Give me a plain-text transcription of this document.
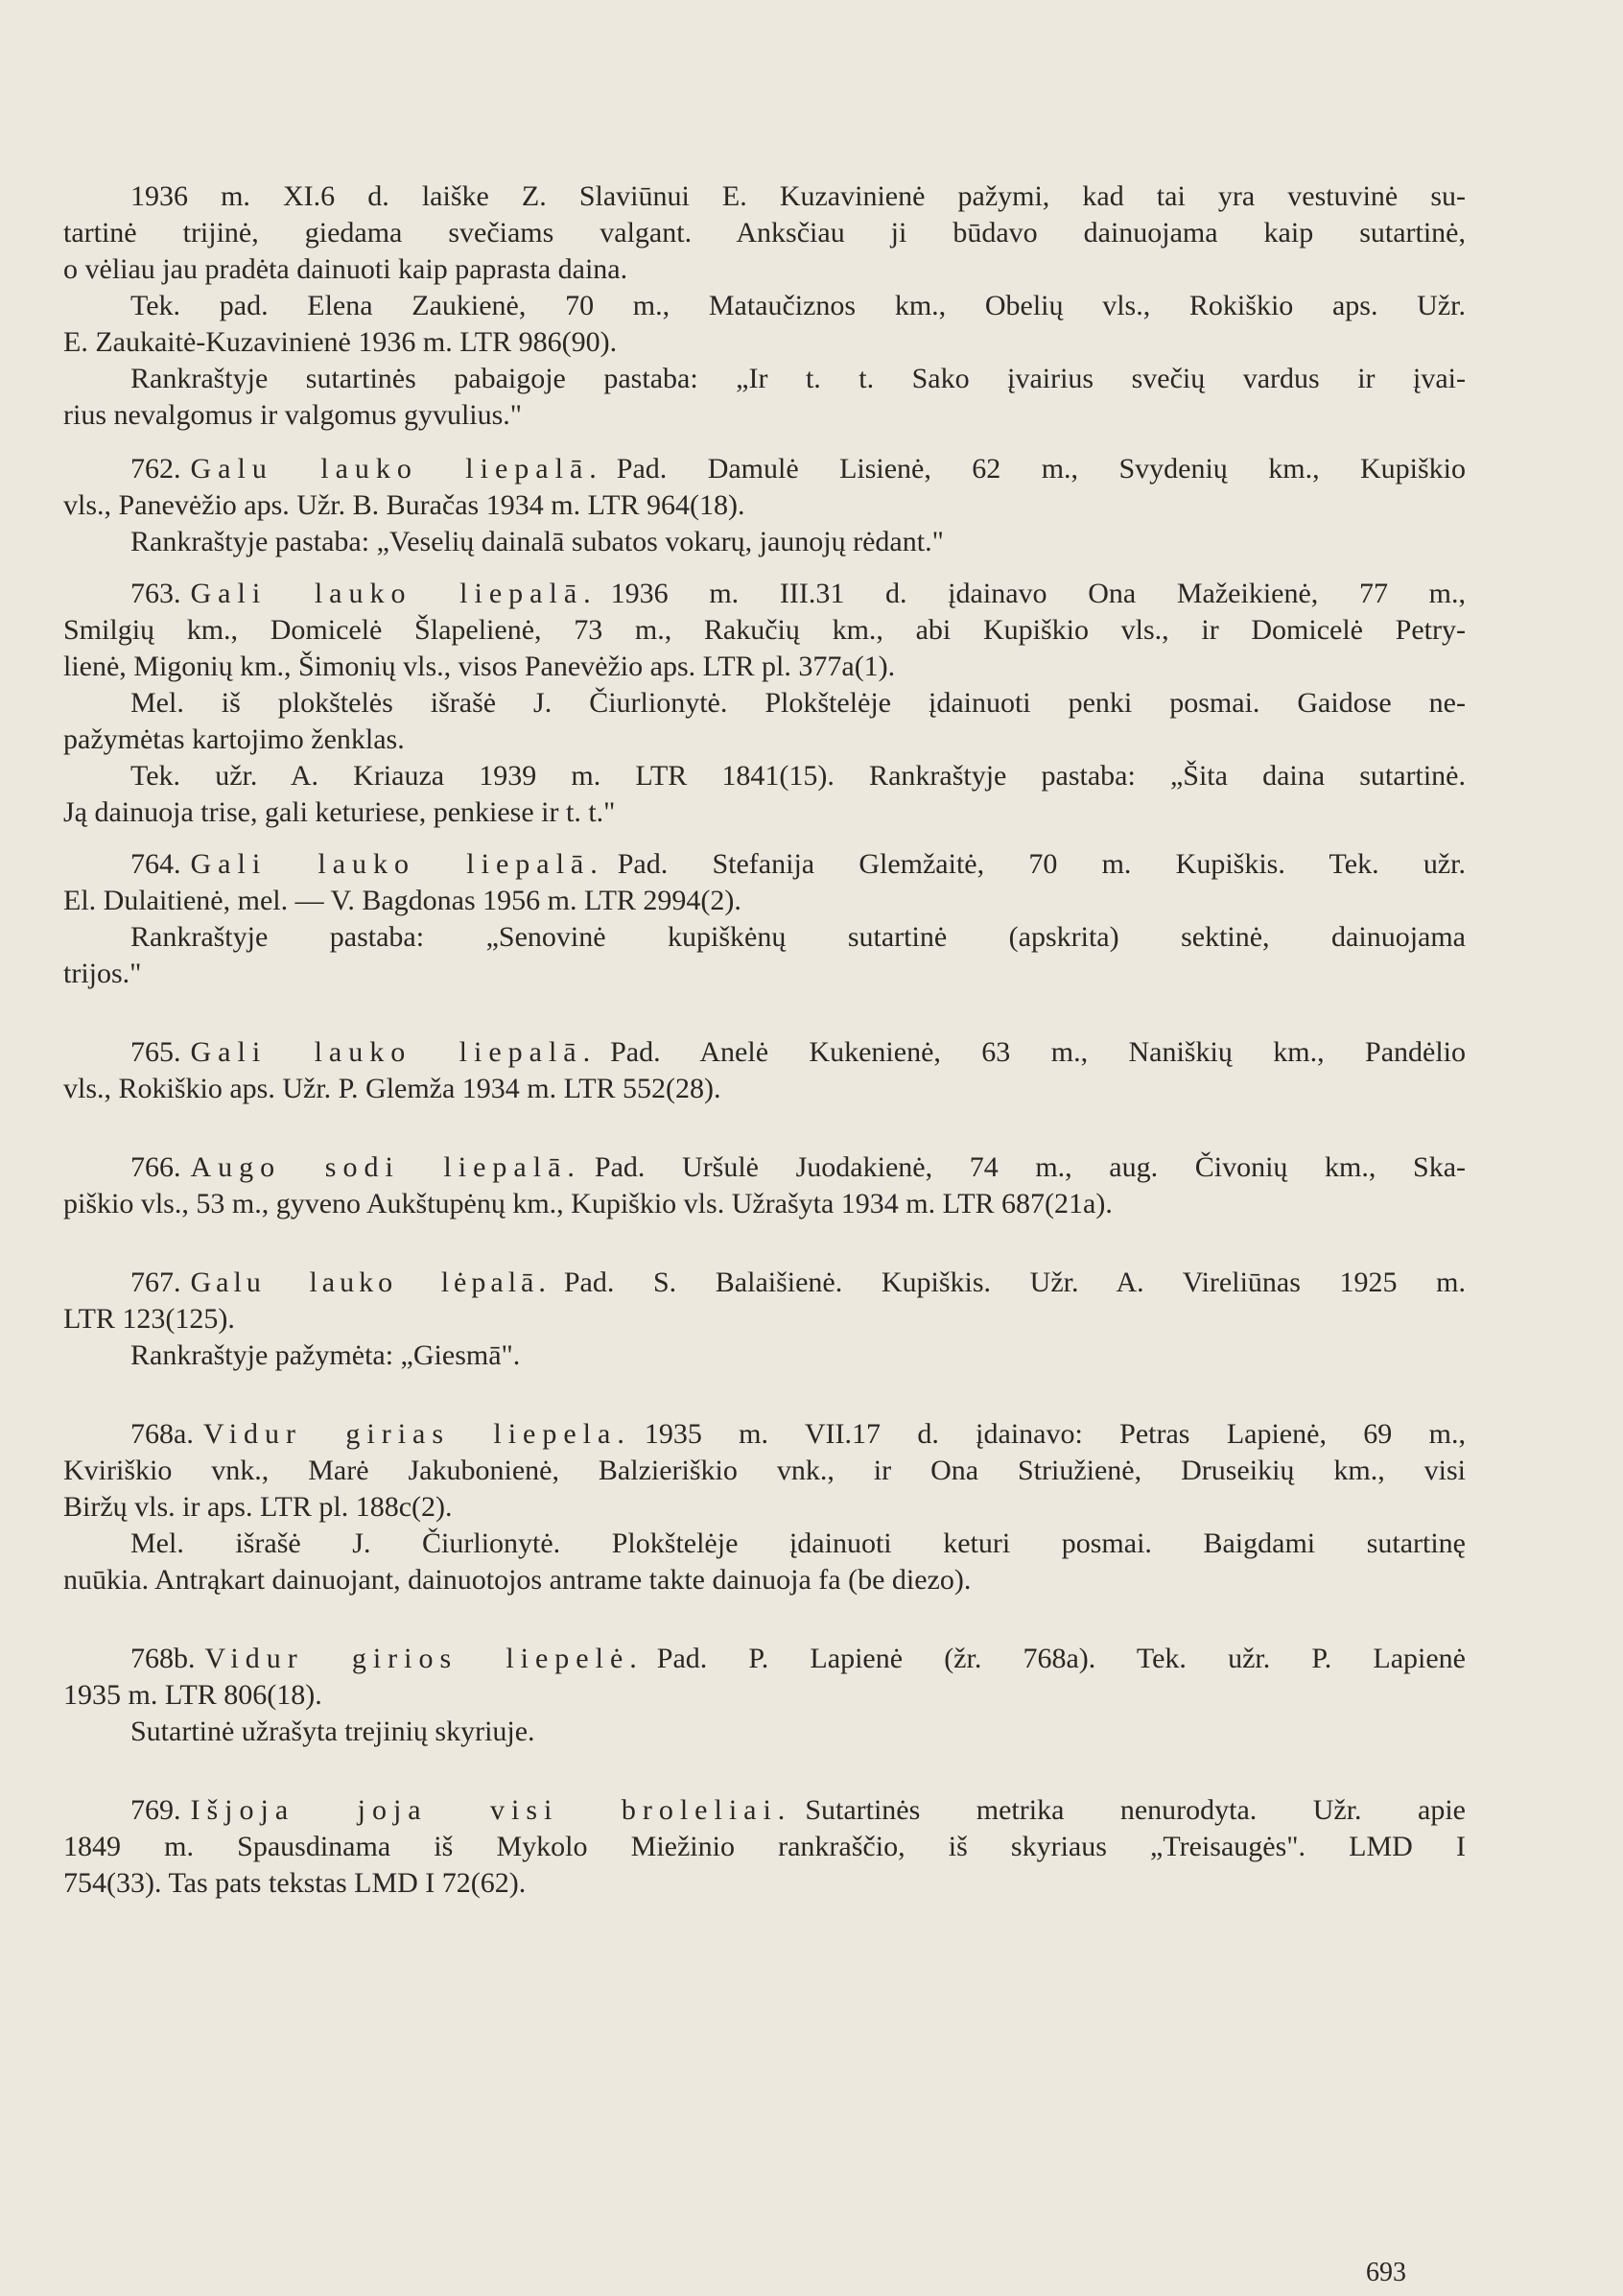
1936 m. XI.6 d. laiške Z. Slaviūnui E. Kuzavinienė pažymi, kad tai yra vestuvinė su-

tartinė trijinė, giedama svečiams valgant. Anksčiau ji būdavo dainuojama kaip sutartinė,

o vėliau jau pradėta dainuoti kaip paprasta daina.

Tek. pad. Elena Zaukienė, 70 m., Mataučiznos km., Obelių vls., Rokiškio aps. Užr.

E. Zaukaitė-Kuzavinienė 1936 m. LTR 986(90).

Rankraštyje sutartinės pabaigoje pastaba: „Ir t. t. Sako įvairius svečių vardus ir įvai-

rius nevalgomus ir valgomus gyvulius."

762. Galu lauko liepalā. Pad. Damulė Lisienė, 62 m., Svydenių km., Kupiškio

vls., Panevėžio aps. Užr. B. Buračas 1934 m. LTR 964(18).

Rankraštyje pastaba: „Veselių dainalā subatos vokarų, jaunojų rėdant."

763. Gali lauko liepalā. 1936 m. III.31 d. įdainavo Ona Mažeikienė, 77 m.,

Smilgių km., Domicelė Šlapelienė, 73 m., Rakučių km., abi Kupiškio vls., ir Domicelė Petry-

lienė, Migonių km., Šimonių vls., visos Panevėžio aps. LTR pl. 377a(1).

Mel. iš plokštelės išrašė J. Čiurlionytė. Plokštelėje įdainuoti penki posmai. Gaidose ne-

pažymėtas kartojimo ženklas.

Tek. užr. A. Kriauza 1939 m. LTR 1841(15). Rankraštyje pastaba: „Šita daina sutartinė.

Ją dainuoja trise, gali keturiese, penkiese ir t. t."

764. Gali lauko liepalā. Pad. Stefanija Glemžaitė, 70 m. Kupiškis. Tek. užr.

El. Dulaitienė, mel. — V. Bagdonas 1956 m. LTR 2994(2).

Rankraštyje pastaba: „Senovinė kupiškėnų sutartinė (apskrita) sektinė, dainuojama

trijos."

765. Gali lauko liepalā. Pad. Anelė Kukenienė, 63 m., Naniškių km., Pandėlio

vls., Rokiškio aps. Užr. P. Glemža 1934 m. LTR 552(28).

766. Augo sodi liepalā. Pad. Uršulė Juodakienė, 74 m., aug. Čivonių km., Ska-

piškio vls., 53 m., gyveno Aukštupėnų km., Kupiškio vls. Užrašyta 1934 m. LTR 687(21a).

767. Galu lauko lėpalā. Pad. S. Balaišienė. Kupiškis. Užr. A. Vireliūnas 1925 m.

LTR 123(125).

Rankraštyje pažymėta: „Giesmā".

768a. Vidur girias liepela. 1935 m. VII.17 d. įdainavo: Petras Lapienė, 69 m.,

Kviriškio vnk., Marė Jakubonienė, Balzieriškio vnk., ir Ona Striužienė, Druseikių km., visi

Biržų vls. ir aps. LTR pl. 188c(2).

Mel. išrašė J. Čiurlionytė. Plokštelėje įdainuoti keturi posmai. Baigdami sutartinę

nuūkia. Antrąkart dainuojant, dainuotojos antrame takte dainuoja fa (be diezo).

768b. Vidur girios liepelė. Pad. P. Lapienė (žr. 768a). Tek. užr. P. Lapienė

1935 m. LTR 806(18).

Sutartinė užrašyta trejinių skyriuje.

769. Išjoja joja visi broleliai. Sutartinės metrika nenurodyta. Užr. apie

1849 m. Spausdinama iš Mykolo Miežinio rankraščio, iš skyriaus „Treisaugės". LMD I

754(33). Tas pats tekstas LMD I 72(62).

693
